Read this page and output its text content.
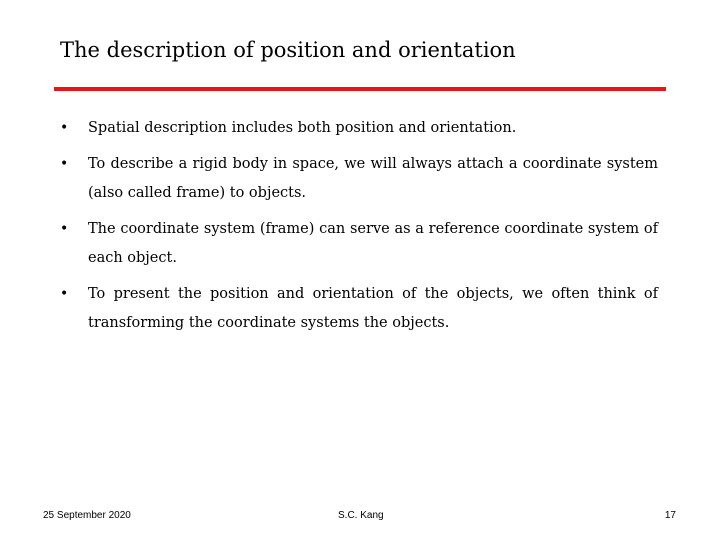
The description of position and orientation
• Spatial description includes both position and orientation.
• To describe a rigid body in space, we will always attach a coordinate system (also called frame) to objects.
• The coordinate system (frame) can serve as a reference coordinate system of each object.
• To present the position and orientation of the objects, we often think of transforming the coordinate systems the objects.
25 September 2020	S.C. Kang	17
